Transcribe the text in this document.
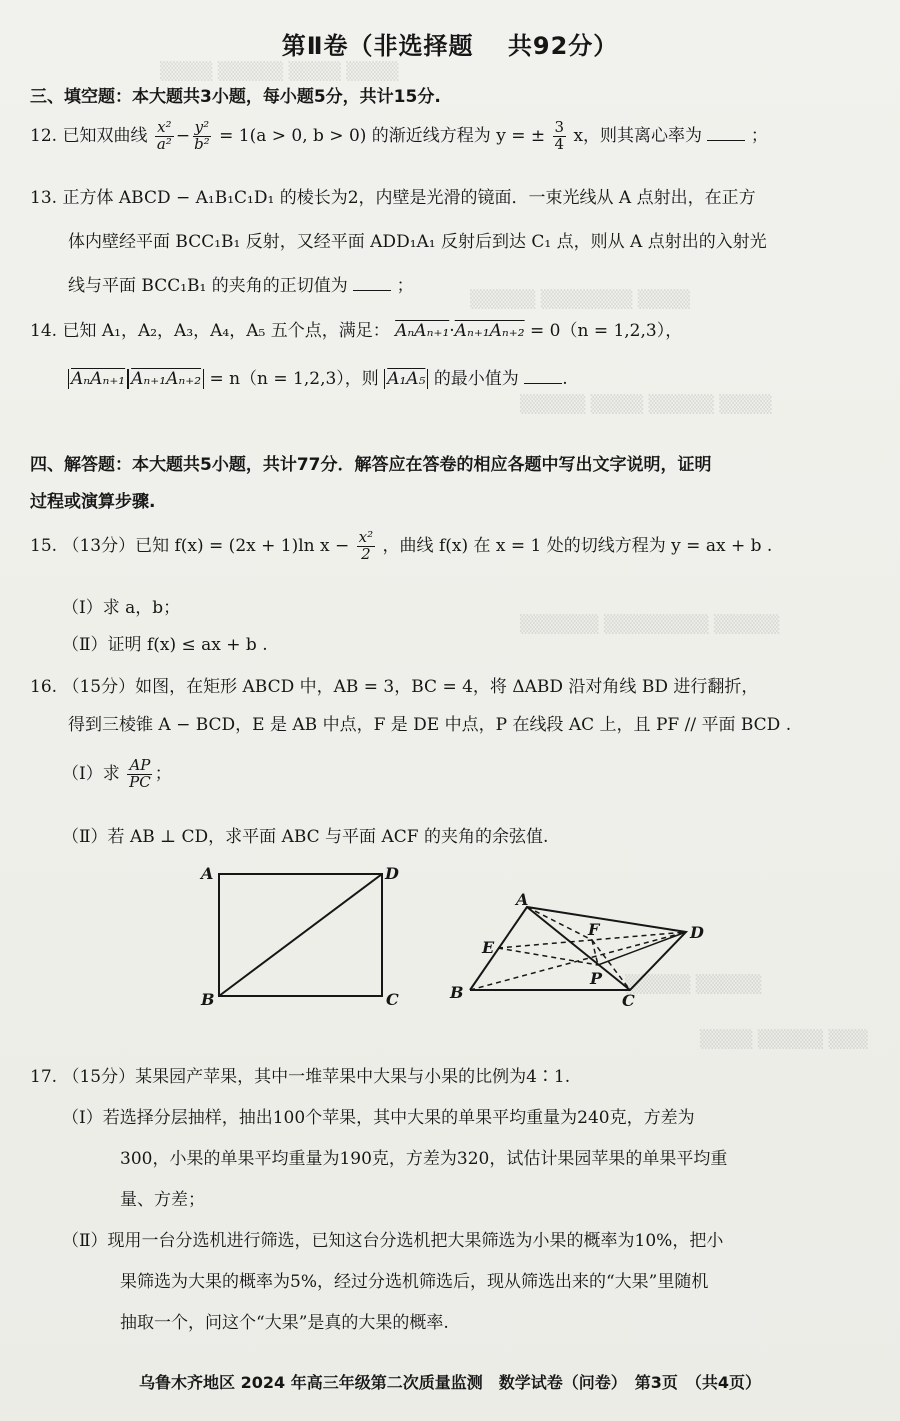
▒▒▒▒ ▒▒▒▒▒ ▒▒▒▒ ▒▒▒▒
▒▒▒▒▒ ▒▒▒▒▒▒▒ ▒▒▒▒
▒▒▒▒▒ ▒▒▒▒ ▒▒▒▒▒ ▒▒▒▒
▒▒▒▒▒▒ ▒▒▒▒▒▒▒▒ ▒▒▒▒▒
▒▒▒▒▒ ▒▒▒▒▒
▒▒▒▒ ▒▒▒▒▒ ▒▒▒
第Ⅱ卷（非选择题　 共92分）
三、填空题：本大题共3小题，每小题5分，共计15分.
12. 已知双曲线 $\frac{\text{x²}}{\text{a²}} - \frac{\text{y²}}{\text{b²}} = 1(a > 0$, b > 0) 的渐近线方程为 y = ± $\frac{3}{4}$ x，则其离心率为	；
13. 正方体 ABCD − A₁B₁C₁D₁ 的棱长为2，内壁是光滑的镜面．一束光线从 A 点射出，在正方
体内壁经平面 BCC₁B₁ 反射，又经平面 ADD₁A₁ 反射后到达 C₁ 点，则从 A 点射出的入射光
线与平面 BCC₁B₁ 的夹角的正切值为	；
14. 已知 A₁，A₂，A₃，A₄，A₅ 五个点，满足： AₙAₙ₊₁·Aₙ₊₁Aₙ₊₂ = 0（n = 1,2,3），
AₙAₙ₊₁ Aₙ₊₁Aₙ₊₂ = n（n = 1,2,3），则 A₁A₅ 的最小值为	.
四、解答题：本大题共5小题，共计77分．解答应在答卷的相应各题中写出文字说明，证明
过程或演算步骤.
15. （13分）已知 f(x) = (2x + 1)ln $x - \frac{\text{x²}}{2}$ ，曲线 f(x) 在 x = 1 处的切线方程为 y = ax + b .
（Ⅰ）求 a，b；
（Ⅱ）证明 f(x) ≤ ax + b .
16. （15分）如图，在矩形 ABCD 中，AB = 3，BC = 4，将 ΔABD 沿对角线 BD 进行翻折，
得到三棱锥 A − BCD，E 是 AB 中点，F 是 DE 中点，P 在线段 AC 上，且 PF // 平面 BCD .
（Ⅰ）求 $\frac{AP}{PC}$ ；
（Ⅱ）若 AB ⊥ CD，求平面 ABC 与平面 ACF 的夹角的余弦值.
A	D
B	C
A
D
B	C
E
F
P
17. （15分）某果园产苹果，其中一堆苹果中大果与小果的比例为4∶1.
（Ⅰ）若选择分层抽样，抽出100个苹果，其中大果的单果平均重量为240克，方差为
300，小果的单果平均重量为190克，方差为320，试估计果园苹果的单果平均重
量、方差；
（Ⅱ）现用一台分选机进行筛选，已知这台分选机把大果筛选为小果的概率为10%，把小
果筛选为大果的概率为5%，经过分选机筛选后，现从筛选出来的“大果”里随机
抽取一个，问这个“大果”是真的大果的概率.
乌鲁木齐地区 2024 年高三年级第二次质量监测　数学试卷（问卷）　第3页　（共4页）
